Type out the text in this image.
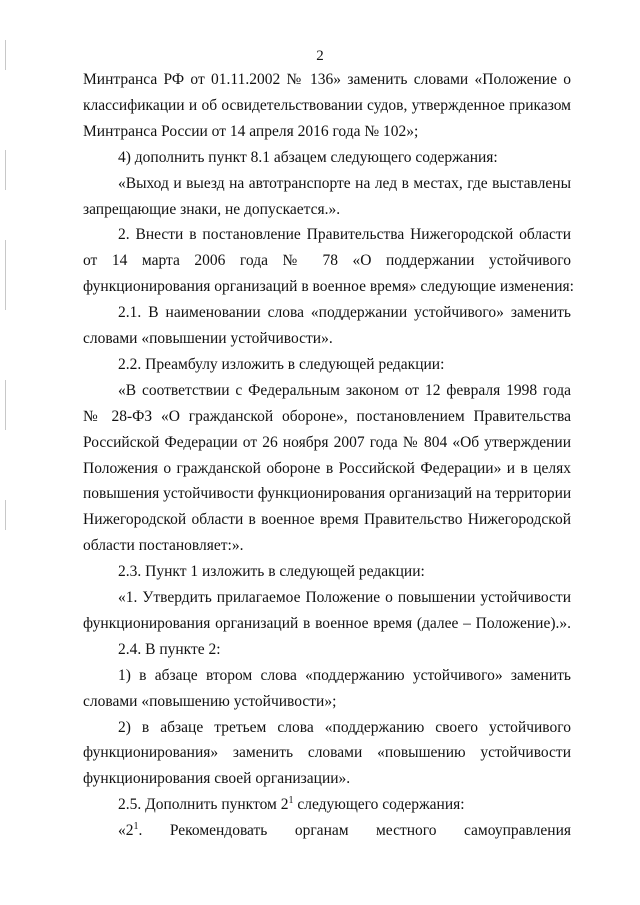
2
Минтранса РФ от 01.11.2002 № 136» заменить словами «Положение о
классификации и об освидетельствовании судов, утвержденное приказом
Минтранса России от 14 апреля 2016 года № 102»;
4) дополнить пункт 8.1 абзацем следующего содержания:
«Выход и выезд на автотранспорте на лед в местах, где выставлены
запрещающие знаки, не допускается.».
2. Внести в постановление Правительства Нижегородской области
от 14 марта 2006 года № 78 «О поддержании устойчивого
функционирования организаций в военное время» следующие изменения:
2.1. В наименовании слова «поддержании устойчивого» заменить
словами «повышении устойчивости».
2.2. Преамбулу изложить в следующей редакции:
«В соответствии с Федеральным законом от 12 февраля 1998 года
№ 28-ФЗ «О гражданской обороне», постановлением Правительства
Российской Федерации от 26 ноября 2007 года № 804 «Об утверждении
Положения о гражданской обороне в Российской Федерации» и в целях
повышения устойчивости функционирования организаций на территории
Нижегородской области в военное время Правительство Нижегородской
области постановляет:».
2.3. Пункт 1 изложить в следующей редакции:
«1. Утвердить прилагаемое Положение о повышении устойчивости
функционирования организаций в военное время (далее – Положение).».
2.4. В пункте 2:
1) в абзаце втором слова «поддержанию устойчивого» заменить
словами «повышению устойчивости»;
2) в абзаце третьем слова «поддержанию своего устойчивого
функционирования» заменить словами «повышению устойчивости
функционирования своей организации».
2.5. Дополнить пунктом $2^1$ следующего содержания:
«$2^1$. Рекомендовать органам местного самоуправления
